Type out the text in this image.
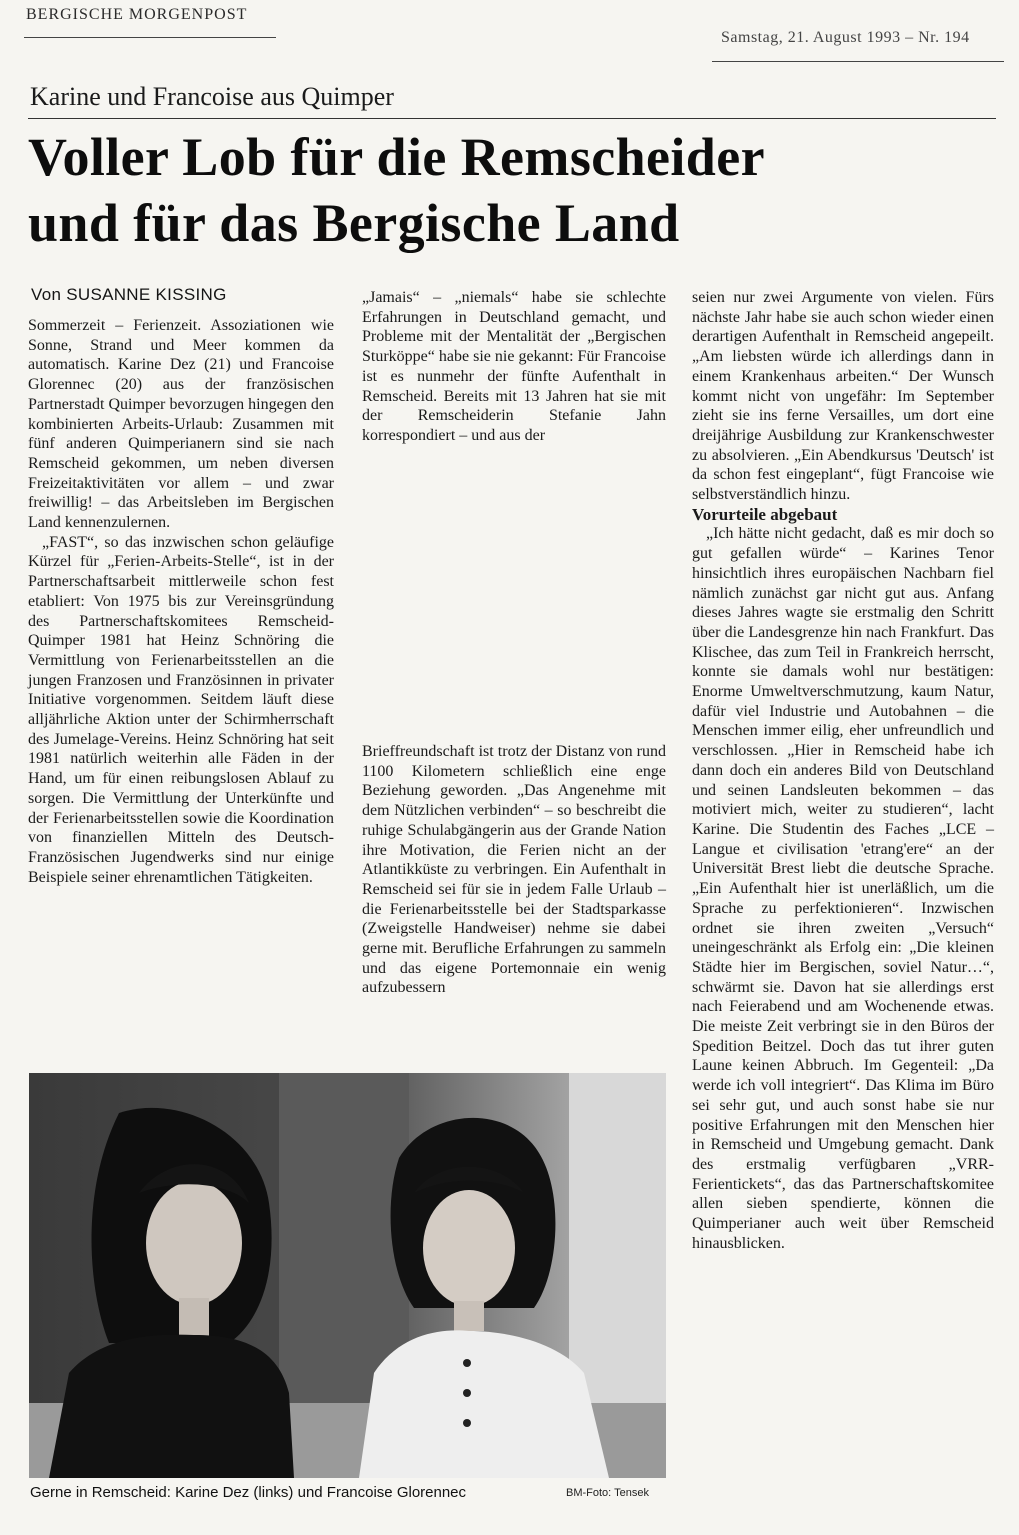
BERGISCHE MORGENPOST
Samstag, 21. August 1993 – Nr. 194
Karine und Francoise aus Quimper
Voller Lob für die Remscheider
und für das Bergische Land
Von SUSANNE KISSING

Sommerzeit – Ferienzeit. Assoziationen wie Sonne, Strand und Meer kommen da automatisch. Karine Dez (21) und Francoise Glorennec (20) aus der französischen Partnerstadt Quimper bevorzugen hingegen den kombinierten Arbeits-Urlaub: Zusammen mit fünf anderen Quimperianern sind sie nach Remscheid gekommen, um neben diversen Freizeitaktivitäten vor allem – und zwar freiwillig! – das Arbeitsleben im Bergischen Land kennenzulernen.

„FAST“, so das inzwischen schon geläufige Kürzel für „Ferien-Arbeits-Stelle“, ist in der Partnerschaftsarbeit mittlerweile schon fest etabliert: Von 1975 bis zur Vereinsgründung des Partnerschaftskomitees Remscheid-Quimper 1981 hat Heinz Schnöring die Vermittlung von Ferienarbeitsstellen an die jungen Franzosen und Französinnen in privater Initiative vorgenommen. Seitdem läuft diese alljährliche Aktion unter der Schirmherrschaft des Jumelage-Vereins. Heinz Schnöring hat seit 1981 natürlich weiterhin alle Fäden in der Hand, um für einen reibungslosen Ablauf zu sorgen. Die Vermittlung der Unterkünfte und der Ferienarbeitsstellen sowie die Koordination von finanziellen Mitteln des Deutsch-Französischen Jugendwerks sind nur einige Beispiele seiner ehrenamtlichen Tätigkeiten.

„Jamais“ – „niemals“ habe sie schlechte Erfahrungen in Deutschland gemacht, und Probleme mit der Mentalität der „Bergischen Sturköppe“ habe sie nie gekannt: Für Francoise ist es nunmehr der fünfte Aufenthalt in Remscheid. Bereits mit 13 Jahren hat sie mit der Remscheiderin Stefanie Jahn korrespondiert – und aus der

Brieffreundschaft ist trotz der Distanz von rund 1100 Kilometern schließlich eine enge Beziehung geworden. „Das Angenehme mit dem Nützlichen verbinden“ – so beschreibt die ruhige Schulabgängerin aus der Grande Nation ihre Motivation, die Ferien nicht an der Atlantikküste zu verbringen. Ein Aufenthalt in Remscheid sei für sie in jedem Falle Urlaub – die Ferienarbeitsstelle bei der Stadtsparkasse (Zweigstelle Handweiser) nehme sie dabei gerne mit. Berufliche Erfahrungen zu sammeln und das eigene Portemonnaie ein wenig aufzubessern

seien nur zwei Argumente von vielen. Fürs nächste Jahr habe sie auch schon wieder einen derartigen Aufenthalt in Remscheid angepeilt. „Am liebsten würde ich allerdings dann in einem Krankenhaus arbeiten.“ Der Wunsch kommt nicht von ungefähr: Im September zieht sie ins ferne Versailles, um dort eine dreijährige Ausbildung zur Krankenschwester zu absolvieren. „Ein Abendkursus 'Deutsch' ist da schon fest eingeplant“, fügt Francoise wie selbstverständlich hinzu.

Vorurteile abgebaut

„Ich hätte nicht gedacht, daß es mir doch so gut gefallen würde“ – Karines Tenor hinsichtlich ihres europäischen Nachbarn fiel nämlich zunächst gar nicht gut aus. Anfang dieses Jahres wagte sie erstmalig den Schritt über die Landesgrenze hin nach Frankfurt. Das Klischee, das zum Teil in Frankreich herrscht, konnte sie damals wohl nur bestätigen: Enorme Umweltverschmutzung, kaum Natur, dafür viel Industrie und Autobahnen – die Menschen immer eilig, eher unfreundlich und verschlossen. „Hier in Remscheid habe ich dann doch ein anderes Bild von Deutschland und seinen Landsleuten bekommen – das motiviert mich, weiter zu studieren“, lacht Karine. Die Studentin des Faches „LCE – Langue et civilisation 'etrang'ere“ an der Universität Brest liebt die deutsche Sprache. „Ein Aufenthalt hier ist unerläßlich, um die Sprache zu perfektionieren“. Inzwischen ordnet sie ihren zweiten „Versuch“ uneingeschränkt als Erfolg ein: „Die kleinen Städte hier im Bergischen, soviel Natur…“, schwärmt sie. Davon hat sie allerdings erst nach Feierabend und am Wochenende etwas. Die meiste Zeit verbringt sie in den Büros der Spedition Beitzel. Doch das tut ihrer guten Laune keinen Abbruch. Im Gegenteil: „Da werde ich voll integriert“. Das Klima im Büro sei sehr gut, und auch sonst habe sie nur positive Erfahrungen mit den Menschen hier in Remscheid und Umgebung gemacht. Dank des erstmalig verfügbaren „VRR-Ferientickets“, das das Partnerschaftskomitee allen sieben spendierte, können die Quimperianer auch weit über Remscheid hinausblicken.

Gerne in Remscheid: Karine Dez (links) und Francoise Glorennec	BM-Foto: Tensek
